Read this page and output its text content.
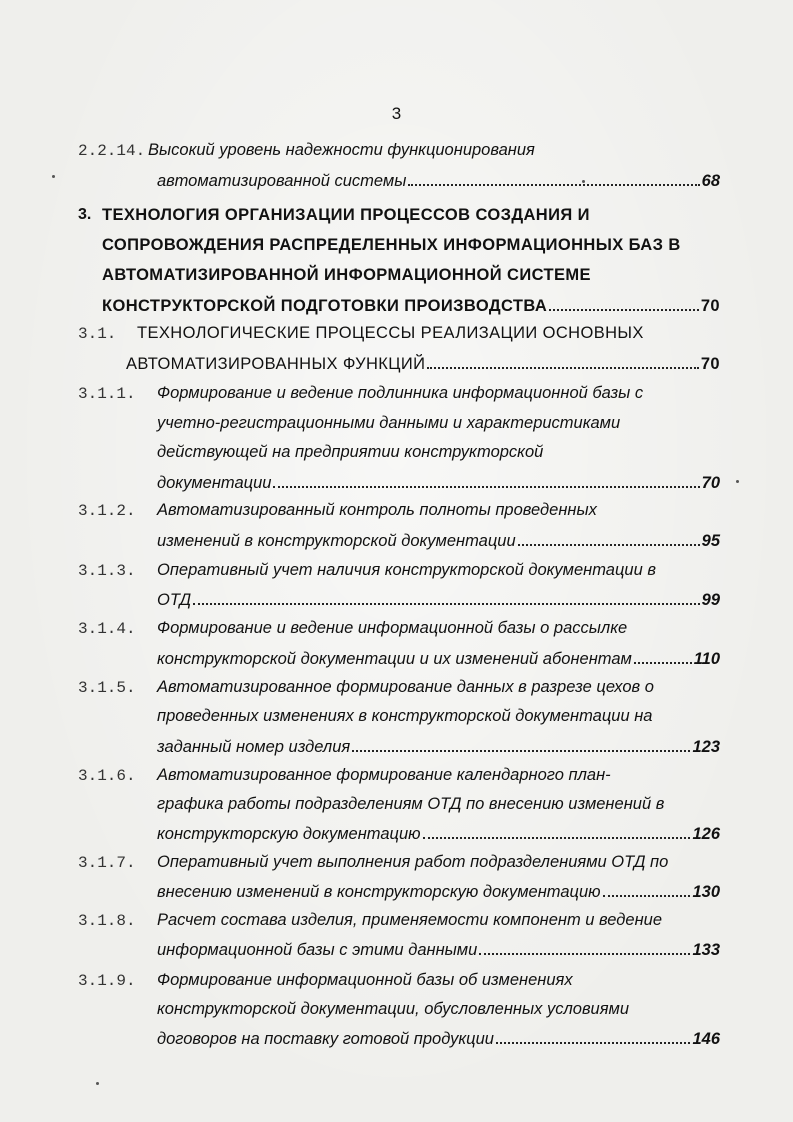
3
2.2.14. Высокий уровень надежности функционирования
автоматизированной системы	68
3. ТЕХНОЛОГИЯ ОРГАНИЗАЦИИ ПРОЦЕССОВ СОЗДАНИЯ И
СОПРОВОЖДЕНИЯ РАСПРЕДЕЛЕННЫХ ИНФОРМАЦИОННЫХ БАЗ В
АВТОМАТИЗИРОВАННОЙ ИНФОРМАЦИОННОЙ СИСТЕМЕ
КОНСТРУКТОРСКОЙ ПОДГОТОВКИ ПРОИЗВОДСТВА	70
3.1. ТЕХНОЛОГИЧЕСКИЕ ПРОЦЕССЫ РЕАЛИЗАЦИИ ОСНОВНЫХ
АВТОМАТИЗИРОВАННЫХ ФУНКЦИЙ	70
3.1.1. Формирование и ведение подлинника информационной базы с
учетно-регистрационными данными и характеристиками
действующей на предприятии конструкторской
документации	70
3.1.2. Автоматизированный контроль полноты проведенных
изменений в конструкторской документации	95
3.1.3. Оперативный учет наличия конструкторской документации в
ОТД	99
3.1.4. Формирование и ведение информационной базы о рассылке
конструкторской документации и их изменений абонентам	110
3.1.5. Автоматизированное формирование данных в разрезе цехов о
проведенных изменениях в конструкторской документации на
заданный номер изделия	123
3.1.6. Автоматизированное формирование календарного план-
графика работы подразделениям ОТД по внесению изменений в
конструкторскую документацию	126
3.1.7. Оперативный учет выполнения работ подразделениями ОТД по
внесению изменений в конструкторскую документацию	130
3.1.8. Расчет состава изделия, применяемости компонент и ведение
информационной базы с этими данными	133
3.1.9. Формирование информационной базы об изменениях
конструкторской документации, обусловленных условиями
договоров на поставку готовой продукции	146
